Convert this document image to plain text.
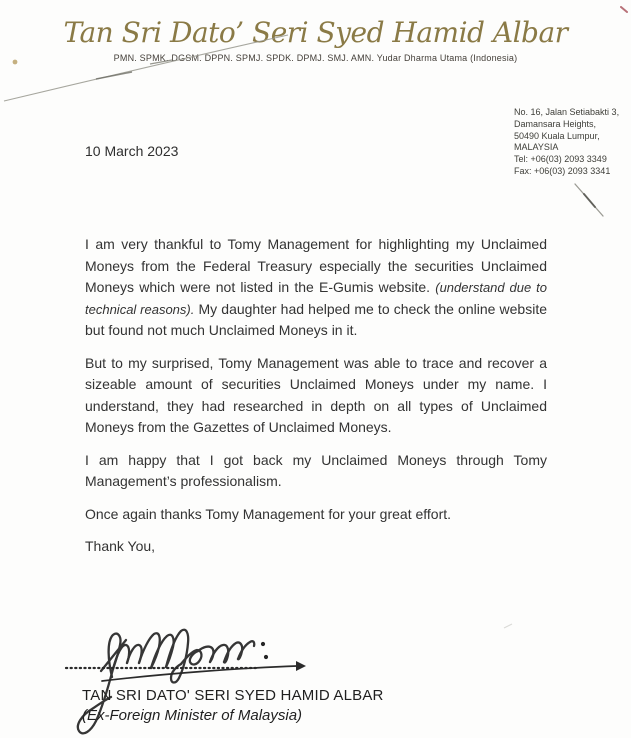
Tan Sri Dato’ Seri Syed Hamid Albar
PMN. SPMK. DGSM. DPPN. SPMJ. SPDK. DPMJ. SMJ. AMN. Yudar Dharma Utama (Indonesia)
No. 16, Jalan Setiabakti 3,
Damansara Heights,
50490 Kuala Lumpur,
MALAYSIA
Tel: +06(03) 2093 3349
Fax: +06(03) 2093 3341
10 March 2023

I am very thankful to Tomy Management for highlighting my Unclaimed Moneys from the Federal Treasury especially the securities Unclaimed Moneys which were not listed in the E-Gumis website. (understand due to technical reasons). My daughter had helped me to check the online website but found not much Unclaimed Moneys in it.

But to my surprised, Tomy Management was able to trace and recover a sizeable amount of securities Unclaimed Moneys under my name. I understand, they had researched in depth on all types of Unclaimed Moneys from the Gazettes of Unclaimed Moneys.

I am happy that I got back my Unclaimed Moneys through Tomy Management’s professionalism.

Once again thanks Tomy Management for your great effort.

Thank You,

TAN SRI DATO' SERI SYED HAMID ALBAR
(Ex-Foreign Minister of Malaysia)
